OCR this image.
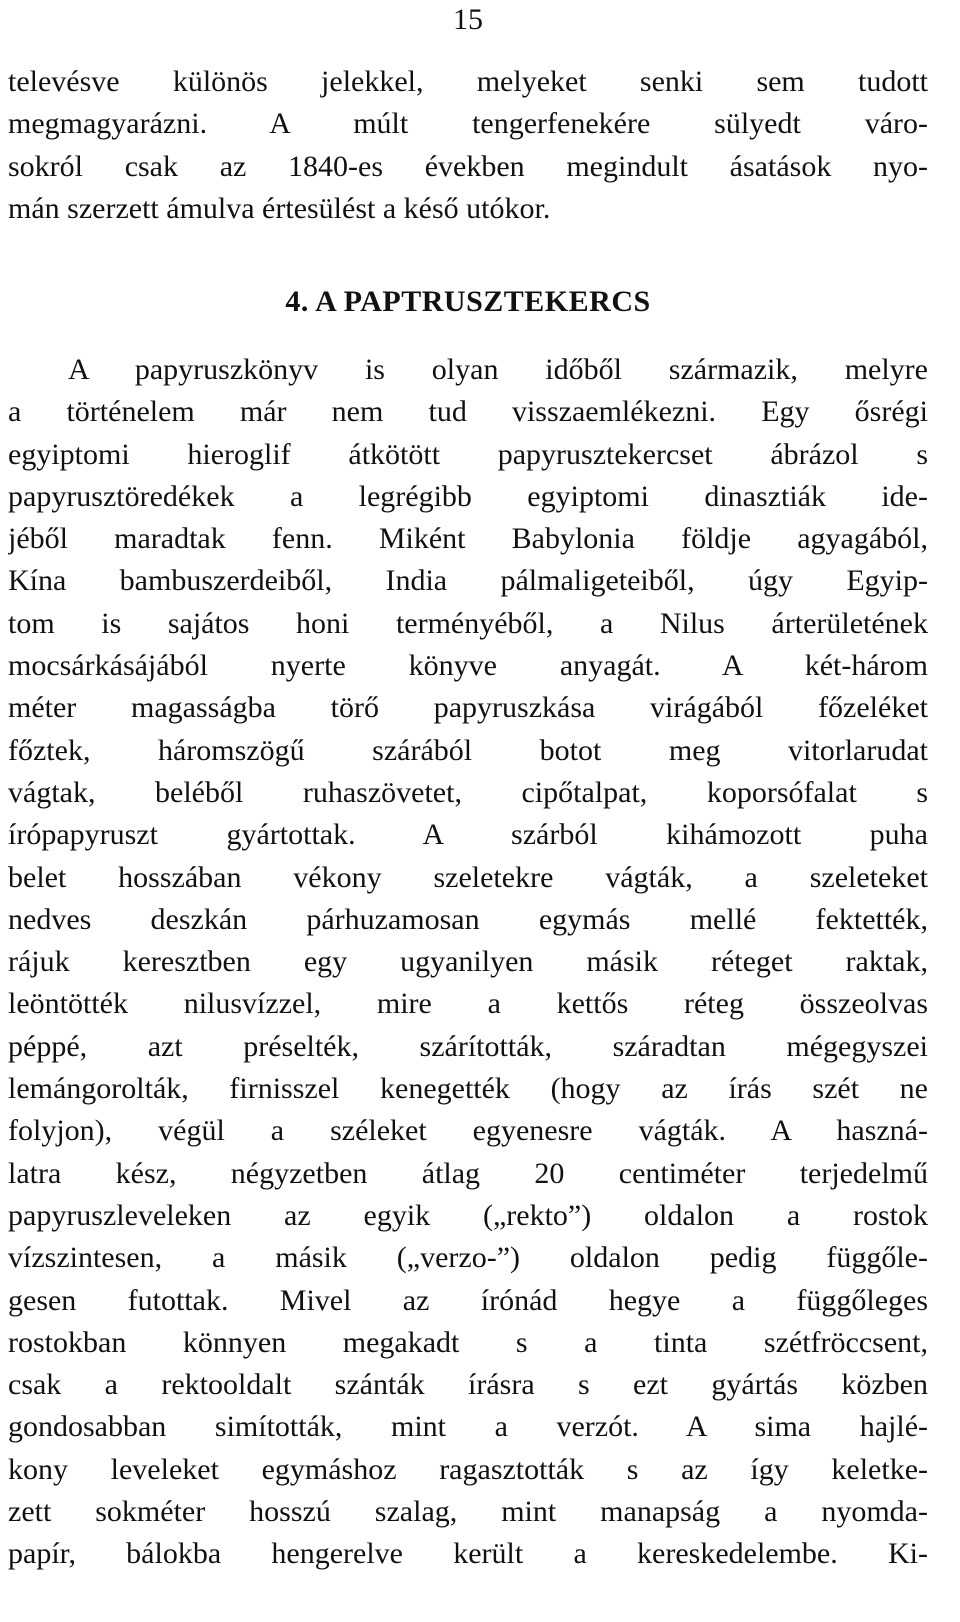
15
televésve különös jelekkel, melyeket senki sem tudott
megmagyarázni. A múlt tengerfenekére sülyedt váro-
sokról csak az 1840-es években megindult ásatások nyo-
mán szerzett ámulva értesülést a késő utókor.
4. A PAPTRUSZTEKERCS
A papyruszkönyv is olyan időből származik, melyre
a történelem már nem tud visszaemlékezni. Egy ősrégi
egyiptomi hieroglif átkötött papyrusztekercset ábrázol s
papyrusztöredékek a legrégibb egyiptomi dinasztiák ide-
jéből maradtak fenn. Miként Babylonia földje agyagából,
Kína bambuszerdeiből, India pálmaligeteiből, úgy Egyip-
tom is sajátos honi terményéből, a Nilus árterületének
mocsárkásájából nyerte könyve anyagát. A két-három
méter magasságba törő papyruszkása virágából főzeléket
főztek, háromszögű szárából botot meg vitorlarudat
vágtak, beléből ruhaszövetet, cipőtalpat, koporsófalat s
írópapyruszt gyártottak. A szárból kihámozott puha
belet hosszában vékony szeletekre vágták, a szeleteket
nedves deszkán párhuzamosan egymás mellé fektették,
rájuk keresztben egy ugyanilyen másik réteget raktak,
leöntötték nilusvízzel, mire a kettős réteg összeolvas
péppé, azt préselték, szárították, száradtan mégegyszei
lemángorolták, firnisszel kenegették (hogy az írás szét ne
folyjon), végül a széleket egyenesre vágták. A haszná-
latra kész, négyzetben átlag 20 centiméter terjedelmű
papyruszleveleken az egyik („rekto”) oldalon a rostok
vízszintesen, a másik („verzo-”) oldalon pedig függőle-
gesen futottak. Mivel az írónád hegye a függőleges
rostokban könnyen megakadt s a tinta szétfröccsent,
csak a rektooldalt szánták írásra s ezt gyártás közben
gondosabban simították, mint a verzót. A sima hajlé-
kony leveleket egymáshoz ragasztották s az így keletke-
zett sokméter hosszú szalag, mint manapság a nyomda-
papír, bálokba hengerelve került a kereskedelembe. Ki-
